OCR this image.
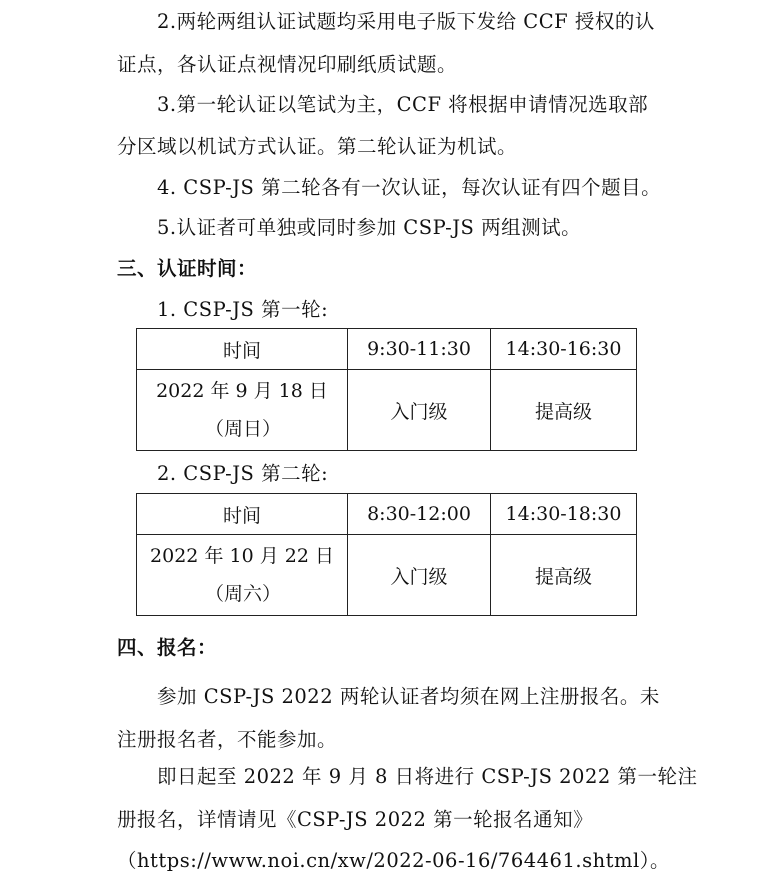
2.两轮两组认证试题均采用电子版下发给 CCF 授权的认
证点，各认证点视情况印刷纸质试题。
3.第一轮认证以笔试为主，CCF 将根据申请情况选取部
分区域以机试方式认证。第二轮认证为机试。
4. CSP-JS 第二轮各有一次认证，每次认证有四个题目。
5.认证者可单独或同时参加 CSP-JS 两组测试。
三、认证时间：
1. CSP-JS 第一轮:
时间	9:30-11:30	14:30-16:30

2022 年 9 月 18 日
（周日）	入门级	提高级
2. CSP-JS 第二轮:
时间	8:30-12:00	14:30-18:30

2022 年 10 月 22 日
（周六）	入门级	提高级
四、报名：
参加 CSP-JS 2022 两轮认证者均须在网上注册报名。未
注册报名者，不能参加。
即日起至 2022 年 9 月 8 日将进行 CSP-JS 2022 第一轮注
册报名，详情请见《CSP-JS 2022 第一轮报名通知》
（https://www.noi.cn/xw/2022-06-16/764461.shtml）。
